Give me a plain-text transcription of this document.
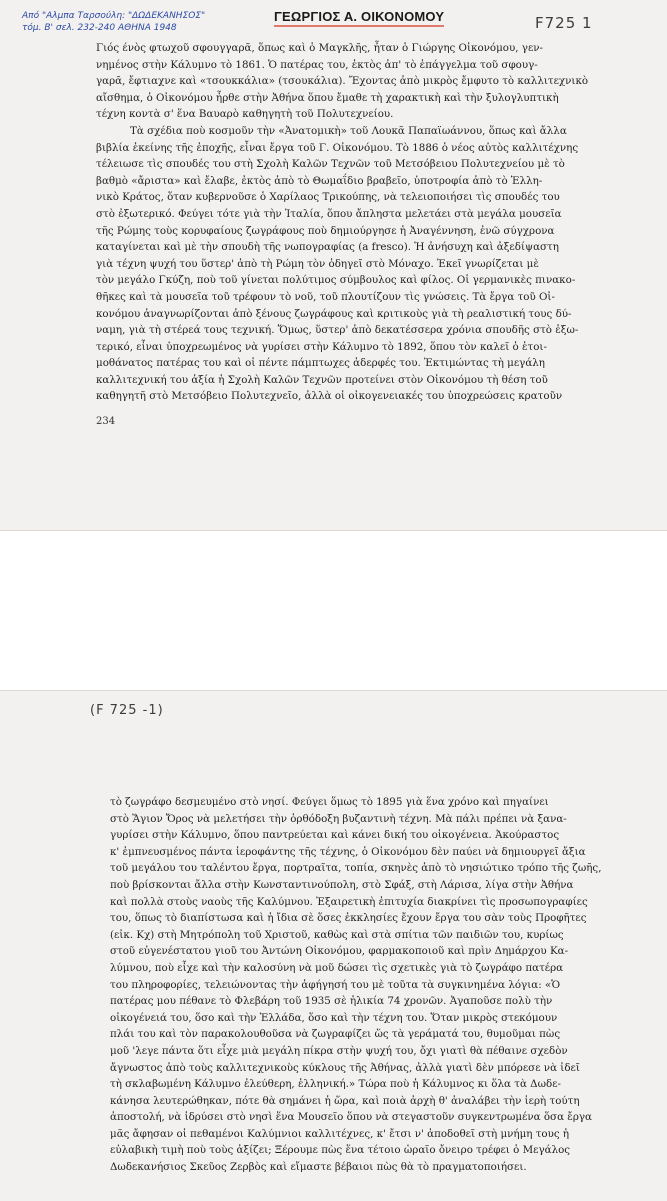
Aπό "Aλμπα Tαρσούλη: "ΔΩΔΕΚΑΝΗΣΟΣ"
τόμ. B' σελ. 232-240 AΘHNA 1948
ΓΕΩΡΓΙΟΣ Α. ΟΙΚΟΝΟΜΟΥ	F725 1
Γιός ένὸς φτωχοῦ σφουγγαρᾶ, ὅπως καὶ ὁ Μαγκλῆς, ἦταν ὁ Γιώργης Οἰκονόμου, γεν-
νημένος στὴν Κάλυμνο τὸ 1861. Ὁ πατέρας του, ἐκτὸς ἀπ' τὸ ἐπάγγελμα τοῦ σφουγ-
γαρᾶ, ἔφτιαχνε καὶ «τσουκκάλια» (τσουκάλια). Ἔχοντας ἀπὸ μικρὸς ἔμφυτο τὸ καλλιτεχνικὸ
αἴσθημα, ὁ Οἰκονόμου ἦρθε στὴν Ἀθήνα ὅπου ἔμαθε τὴ χαρακτικὴ καὶ τὴν ξυλογλυπτικὴ
τέχνη κοντὰ σ' ἕνα Βαυαρὸ καθηγητὴ τοῦ Πολυτεχνείου.
Τὰ σχέδια ποὺ κοσμοῦν τὴν «Ἀνατομικὴ» τοῦ Λουκᾶ Παπαϊωάννου, ὅπως καὶ ἄλλα
βιβλία ἐκείνης τῆς ἐποχῆς, εἶναι ἔργα τοῦ Γ. Οἰκονόμου. Τὸ 1886 ὁ νέος αὐτὸς καλλιτέχνης
τέλειωσε τὶς σπουδές του στὴ Σχολὴ Καλῶν Τεχνῶν τοῦ Μετσόβειου Πολυτεχνείου μὲ τὸ
βαθμὸ «ἄριστα» καὶ ἔλαβε, ἐκτὸς ἀπὸ τὸ Θωμαΐδιο βραβεῖο, ὑποτροφία ἀπὸ τὸ Ἑλλη-
νικὸ Κράτος, ὅταν κυβερνοῦσε ὁ Χαρίλαος Τρικούπης, νὰ τελειοποιήσει τὶς σπουδές του
στὸ ἐξωτερικό. Φεύγει τότε γιὰ τὴν Ἰταλία, ὅπου ἄπληστα μελετάει στὰ μεγάλα μουσεῖα
τῆς Ρώμης τοὺς κορυφαίους ζωγράφους ποὺ δημιούργησε ἡ Ἀναγέννηση, ἐνῶ σύγχρονα
καταγίνεται καὶ μὲ τὴν σπουδὴ τῆς νωπογραφίας (a fresco). Ἡ ἀνήσυχη καὶ ἀξεδίψαστη
γιὰ τέχνη ψυχή του ὕστερ' ἀπὸ τὴ Ρώμη τὸν ὁδηγεῖ στὸ Μόναχο. Ἐκεῖ γνωρίζεται μὲ
τὸν μεγάλο Γκύζη, ποὺ τοῦ γίνεται πολύτιμος σύμβουλος καὶ φίλος. Οἱ γερμανικὲς πινακο-
θῆκες καὶ τὰ μουσεῖα τοῦ τρέφουν τὸ νοῦ, τοῦ πλουτίζουν τὶς γνώσεις. Τὰ ἔργα τοῦ Οἰ-
κονόμου ἀναγνωρίζονται ἀπὸ ξένους ζωγράφους καὶ κριτικοὺς γιὰ τὴ ρεαλιστική τους δύ-
ναμη, γιὰ τὴ στέρεά τους τεχνική. Ὅμως, ὕστερ' ἀπὸ δεκατέσσερα χρόνια σπουδῆς στὸ ἐξω-
τερικό, εἶναι ὑποχρεωμένος νὰ γυρίσει στὴν Κάλυμνο τὸ 1892, ὅπου τὸν καλεῖ ὁ ἑτοι-
μοθάνατος πατέρας του καὶ οἱ πέντε πάμπτωχες ἀδερφές του. Ἐκτιμώντας τὴ μεγάλη
καλλιτεχνική του ἀξία ἡ Σχολὴ Καλῶν Τεχνῶν προτείνει στὸν Οἰκονόμου τὴ θέση τοῦ
καθηγητῆ στὸ Μετσόβειο Πολυτεχνεῖο, ἀλλὰ οἱ οἰκογενειακές του ὑποχρεώσεις κρατοῦν
234
(F 725 -1)
τὸ ζωγράφο δεσμευμένο στὸ νησί. Φεύγει ὅμως τὸ 1895 γιὰ ἕνα χρόνο καὶ πηγαίνει
στὸ Ἅγιον Ὄρος νὰ μελετήσει τὴν ὀρθόδοξη βυζαντινὴ τέχνη. Μὰ πάλι πρέπει νὰ ξανα-
γυρίσει στὴν Κάλυμνο, ὅπου παντρεύεται καὶ κάνει δική του οἰκογένεια. Ἀκούραστος
κ' ἐμπνευσμένος πάντα ἱεροφάντης τῆς τέχνης, ὁ Οἰκονόμου δὲν παύει νὰ δημιουργεῖ ἄξια
τοῦ μεγάλου του ταλέντου ἔργα, πορτραῖτα, τοπία, σκηνὲς ἀπὸ τὸ νησιώτικο τρόπο τῆς ζωῆς,
ποὺ βρίσκονται ἄλλα στὴν Κωνσταντινούπολη, στὸ Σφάξ, στὴ Λάρισα, λίγα στὴν Ἀθήνα
καὶ πολλὰ στοὺς ναοὺς τῆς Καλύμνου. Ἐξαιρετικὴ ἐπιτυχία διακρίνει τὶς προσωπογραφίες
του, ὅπως τὸ διαπίστωσα καὶ ἡ ἴδια σὲ ὅσες ἐκκλησίες ἔχουν ἔργα του σὰν τοὺς Προφῆτες
(εἰκ. Κχ) στὴ Μητρόπολη τοῦ Χριστοῦ, καθὼς καὶ στὰ σπίτια τῶν παιδιῶν του, κυρίως
στοῦ εὐγενέστατου γιοῦ του Ἀντώνη Οἰκονόμου, φαρμακοποιοῦ καὶ πρὶν Δημάρχου Κα-
λύμνου, ποὺ εἶχε καὶ τὴν καλοσύνη νὰ μοῦ δώσει τὶς σχετικὲς γιὰ τὸ ζωγράφο πατέρα
του πληροφορίες, τελειώνοντας τὴν ἀφήγησή του μὲ τοῦτα τὰ συγκινημένα λόγια: «Ὁ
πατέρας μου πέθανε τὸ Φλεβάρη τοῦ 1935 σὲ ἡλικία 74 χρονῶν. Ἀγαποῦσε πολὺ τὴν
οἰκογένειά του, ὅσο καὶ τὴν Ἑλλάδα, ὅσο καὶ τὴν τέχνη του. Ὅταν μικρὸς στεκόμουν
πλάι του καὶ τὸν παρακολουθοῦσα νὰ ζωγραφίζει ὥς τὰ γεράματά του, θυμοῦμαι πὼς
μοῦ 'λεγε πάντα ὅτι εἶχε μιὰ μεγάλη πίκρα στὴν ψυχή του, ὄχι γιατὶ θὰ πέθαινε σχεδὸν
ἄγνωστος ἀπὸ τοὺς καλλιτεχνικοὺς κύκλους τῆς Ἀθήνας, ἀλλὰ γιατὶ δὲν μπόρεσε νὰ ἰδεῖ
τὴ σκλαβωμένη Κάλυμνο ἐλεύθερη, ἑλληνική.» Τώρα ποὺ ἡ Κάλυμνος κι ὅλα τὰ Δωδε-
κάνησα λευτερώθηκαν, πότε θὰ σημάνει ἡ ὥρα, καὶ ποιὰ ἀρχὴ θ' ἀναλάβει τὴν ἱερὴ τούτη
ἀποστολή, νὰ ἱδρύσει στὸ νησὶ ἕνα Μουσεῖο ὅπου νὰ στεγαστοῦν συγκεντρωμένα ὅσα ἔργα
μᾶς ἄφησαν οἱ πεθαμένοι Καλύμνιοι καλλιτέχνες, κ' ἔτσι ν' ἀποδοθεῖ στὴ μνήμη τους ἡ
εὐλαβικὴ τιμὴ ποὺ τοὺς ἀξίζει; Ξέρουμε πὼς ἕνα τέτοιο ὡραῖο ὄνειρο τρέφει ὁ Μεγάλος
Δωδεκανήσιος Σκεῦος Ζερβὸς καὶ εἴμαστε βέβαιοι πὼς θὰ τὸ πραγματοποιήσει.
